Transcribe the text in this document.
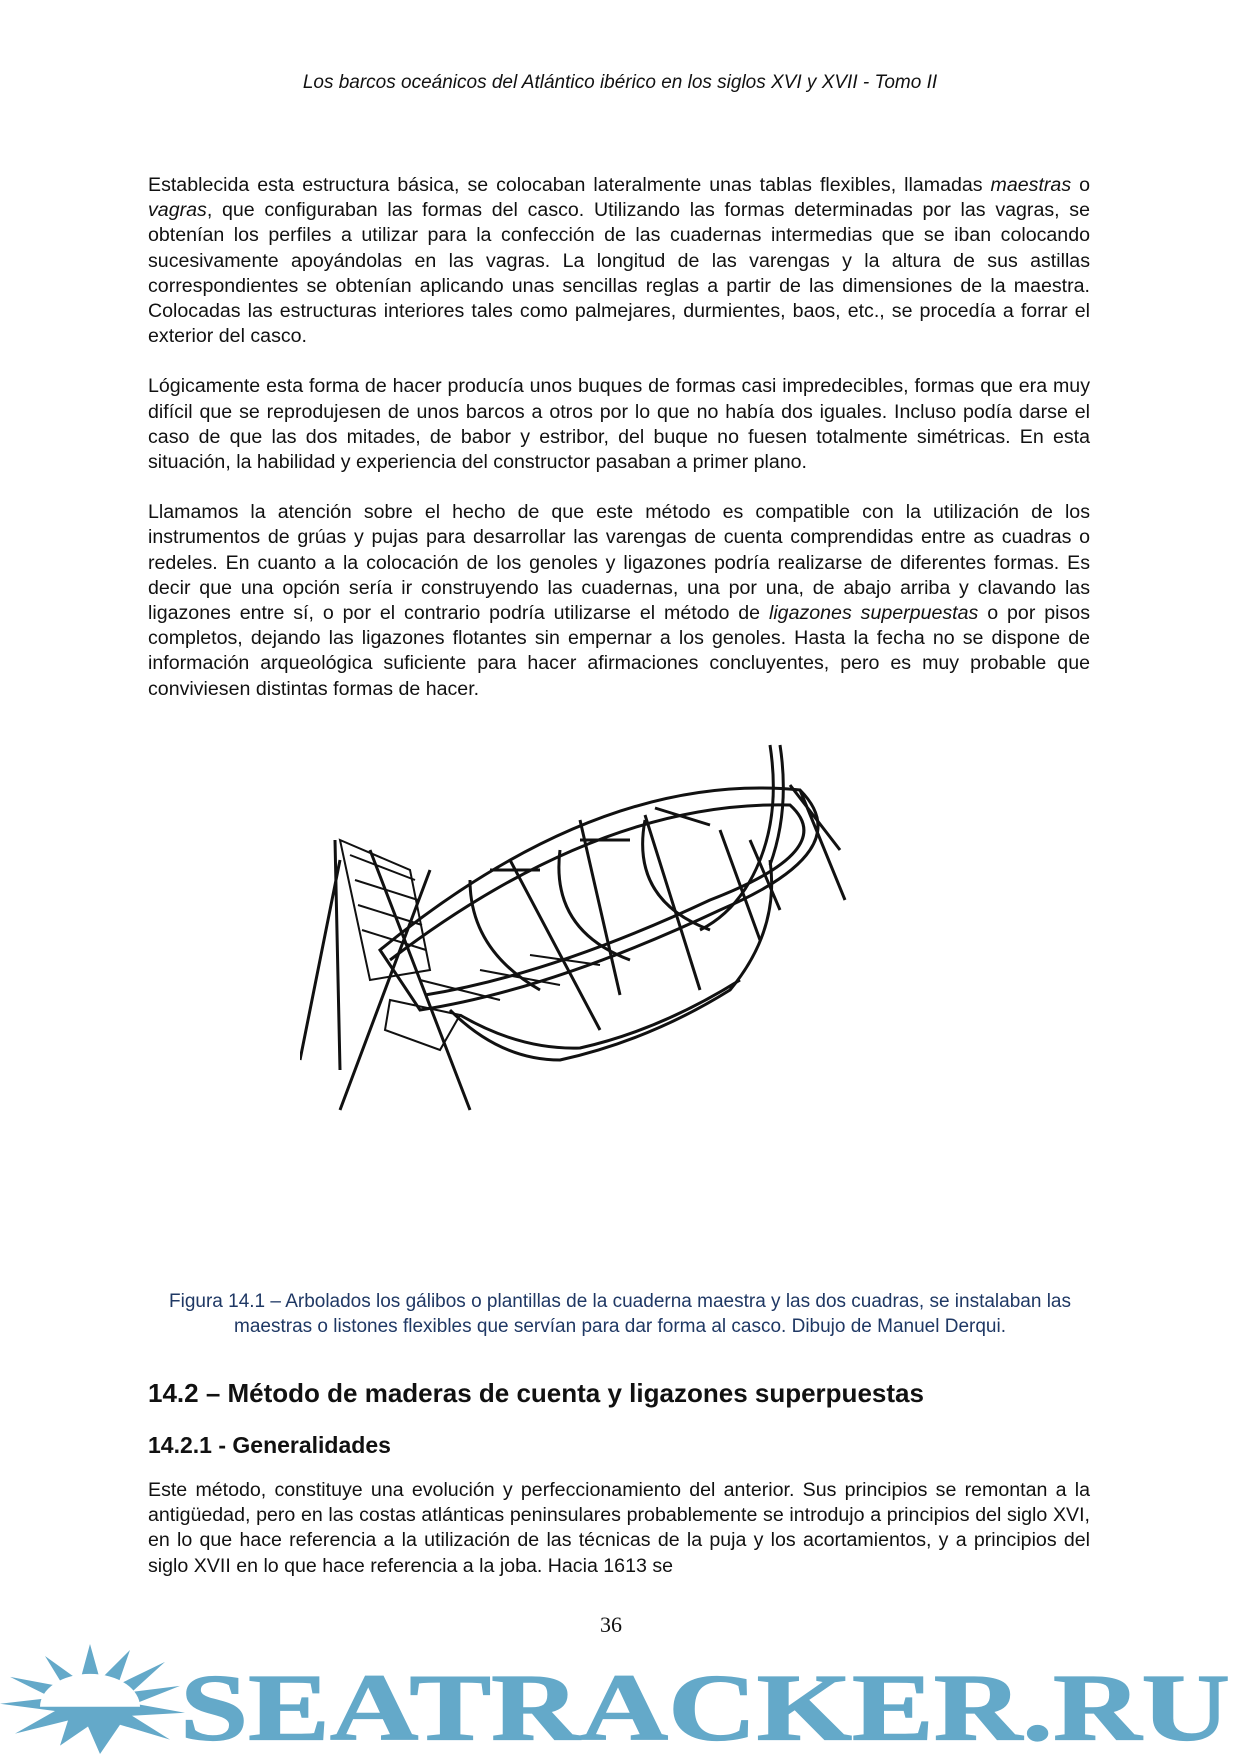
Los barcos oceánicos del Atlántico ibérico en los siglos XVI y XVII - Tomo II

Establecida esta estructura básica, se colocaban lateralmente unas tablas flexibles, llamadas maestras o vagras, que configuraban las formas del casco. Utilizando las formas determinadas por las vagras, se obtenían los perfiles a utilizar para la confección de las cuadernas intermedias que se iban colocando sucesivamente apoyándolas en las vagras. La longitud de las varengas y la altura de sus astillas correspondientes se obtenían aplicando unas sencillas reglas a partir de las dimensiones de la maestra. Colocadas las estructuras interiores tales como palmejares, durmientes, baos, etc., se procedía a forrar el exterior del casco.

Lógicamente esta forma de hacer producía unos buques de formas casi impredecibles, formas que era muy difícil que se reprodujesen de unos barcos a otros por lo que no había dos iguales. Incluso podía darse el caso de que las dos mitades, de babor y estribor, del buque no fuesen totalmente simétricas. En esta situación, la habilidad y experiencia del constructor pasaban a primer plano.

Llamamos la atención sobre el hecho de que este método es compatible con la utilización de los instrumentos de grúas y pujas para desarrollar las varengas de cuenta comprendidas entre as cuadras o redeles. En cuanto a la colocación de los genoles y ligazones podría realizarse de diferentes formas. Es decir que una opción sería ir construyendo las cuadernas, una por una, de abajo arriba y clavando las ligazones entre sí, o por el contrario podría utilizarse el método de ligazones superpuestas o por pisos completos, dejando las ligazones flotantes sin empernar a los genoles. Hasta la fecha no se dispone de información arqueológica suficiente para hacer afirmaciones concluyentes, pero es muy probable que conviviesen distintas formas de hacer.

Figura 14.1 – Arbolados los gálibos o plantillas de la cuaderna maestra y las dos cuadras, se instalaban las maestras o listones flexibles que servían para dar forma al casco. Dibujo de Manuel Derqui.
14.2 – Método de maderas de cuenta y ligazones superpuestas
14.2.1 - Generalidades

Este método, constituye una evolución y perfeccionamiento del anterior. Sus principios se remontan a la antigüedad, pero en las costas atlánticas peninsulares probablemente se introdujo a principios del siglo XVI, en lo que hace referencia a la utilización de las técnicas de la puja y los acortamientos, y a principios del siglo XVII en lo que hace referencia a la joba. Hacia 1613 se

36
SEATRACKER.RU
